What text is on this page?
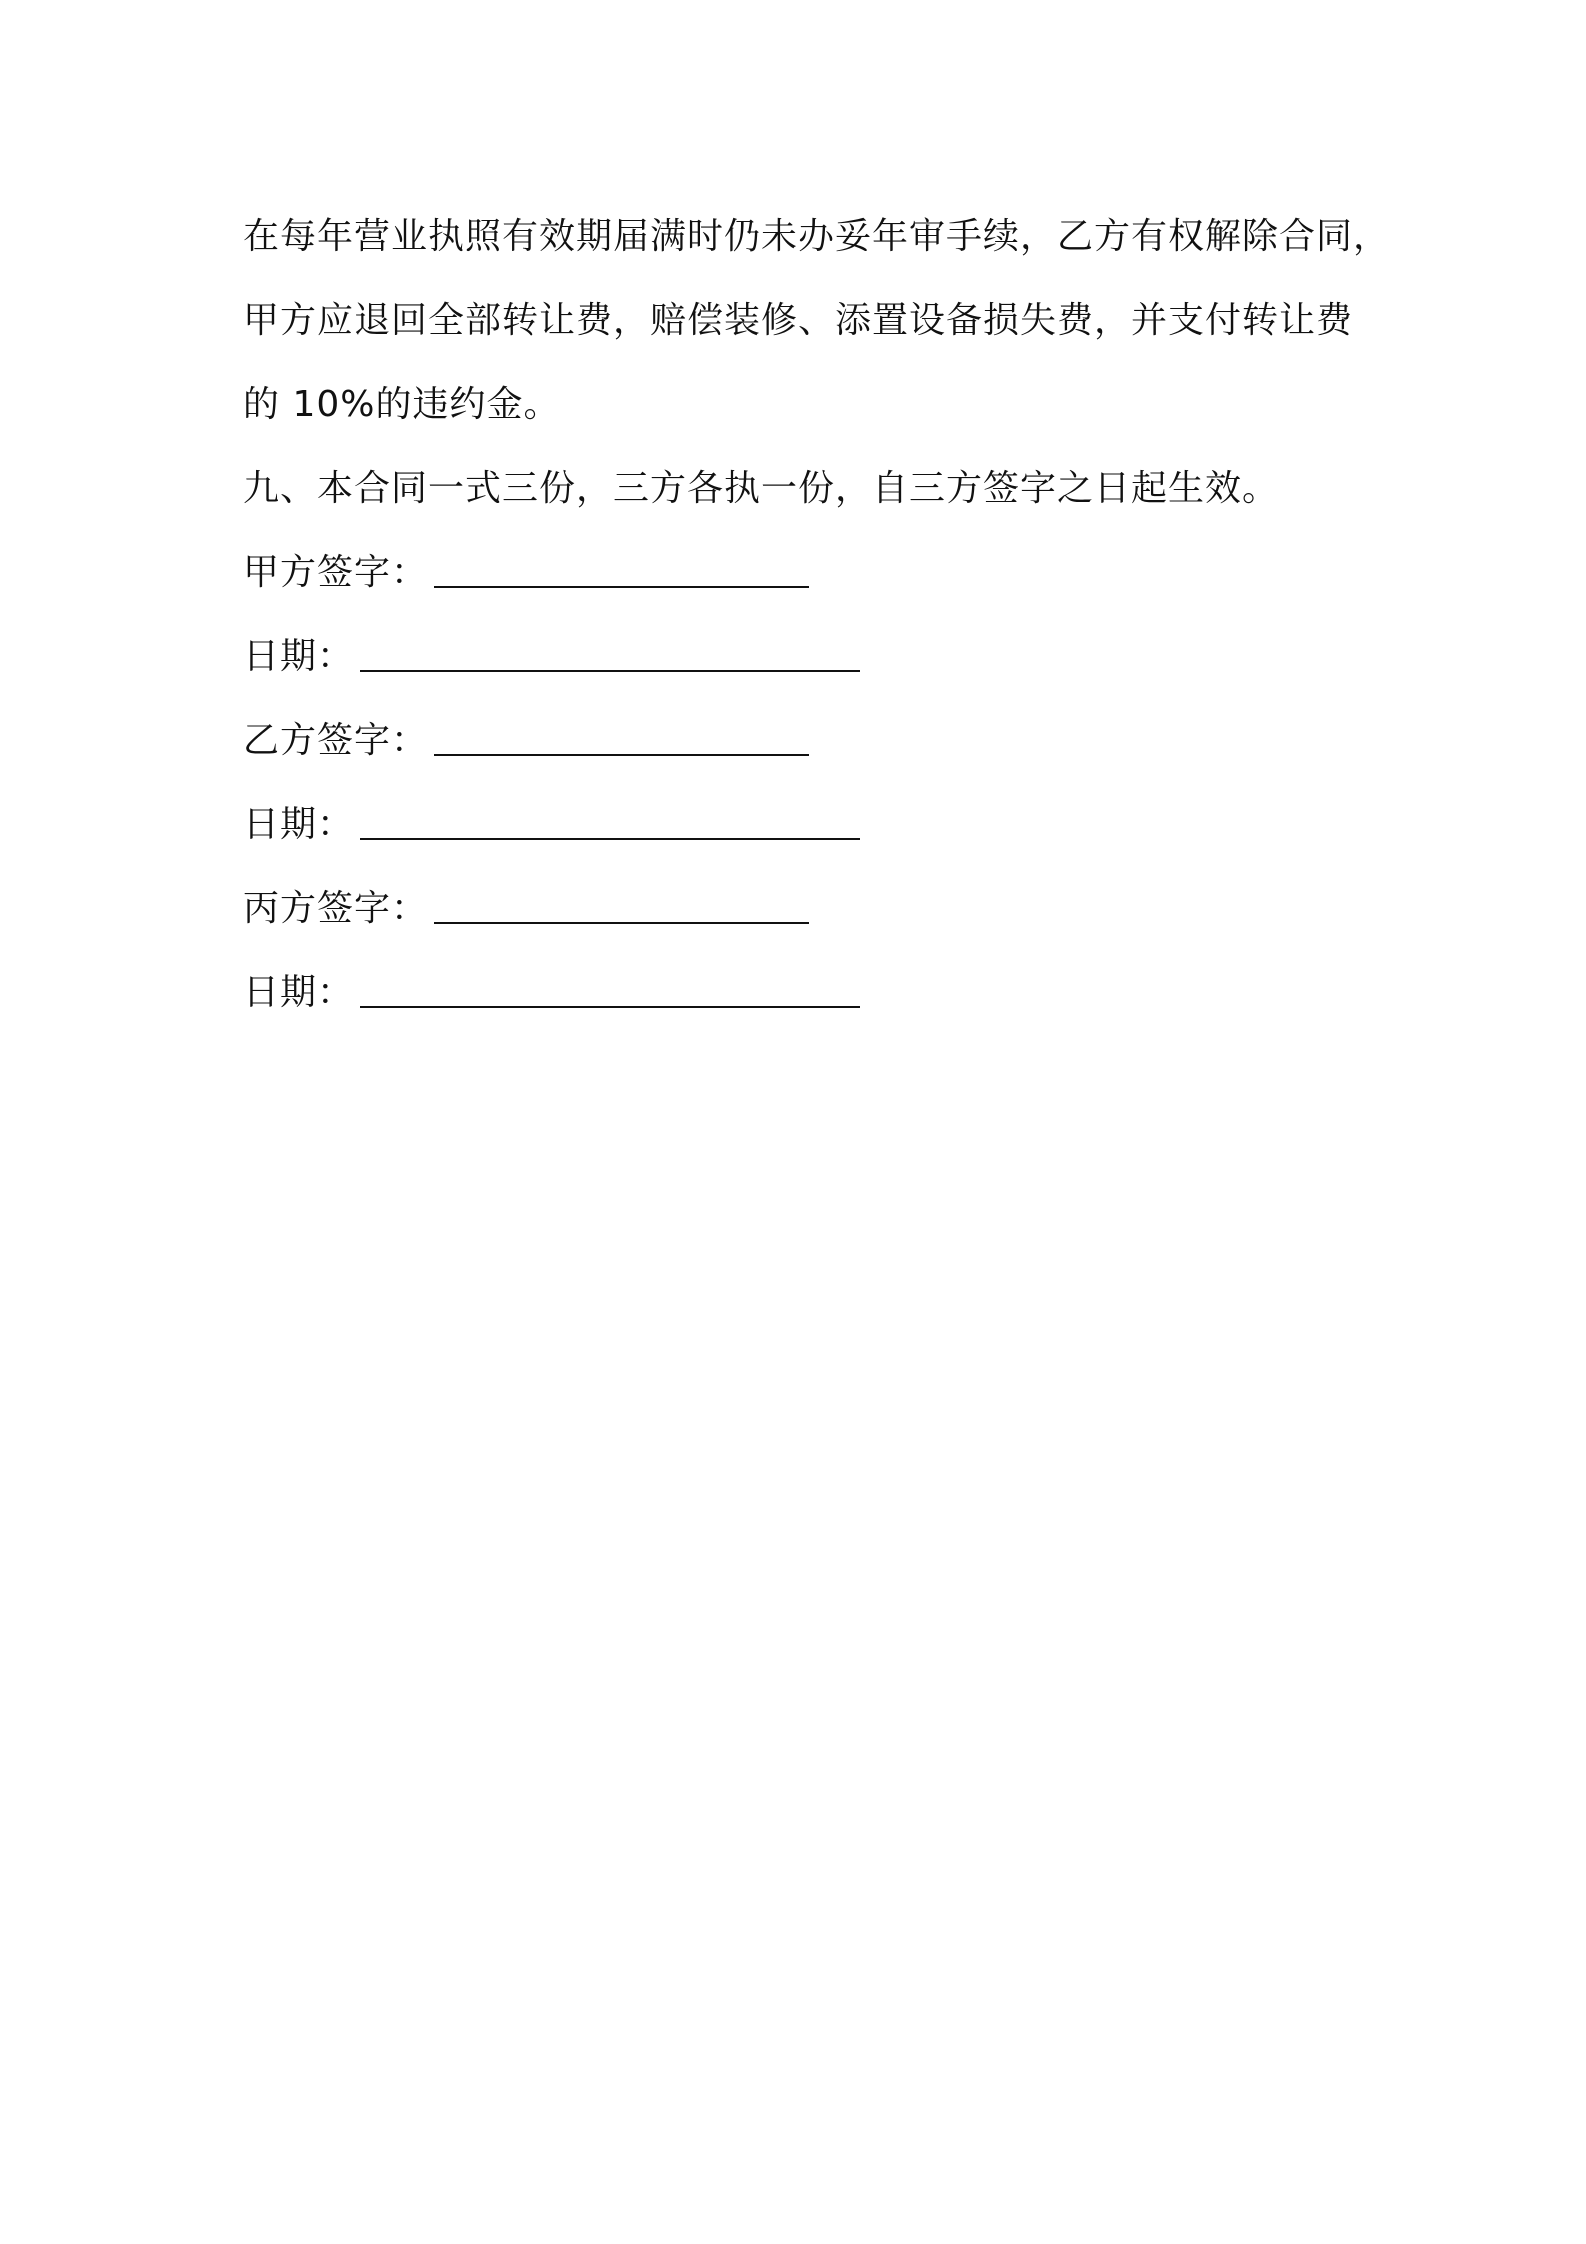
在每年营业执照有效期届满时仍未办妥年审手续，乙方有权解除合同，
甲方应退回全部转让费，赔偿装修、添置设备损失费，并支付转让费
的 10%的违约金。
九、本合同一式三份，三方各执一份，自三方签字之日起生效。
甲方签字：
日期：
乙方签字：
日期：
丙方签字：
日期：
